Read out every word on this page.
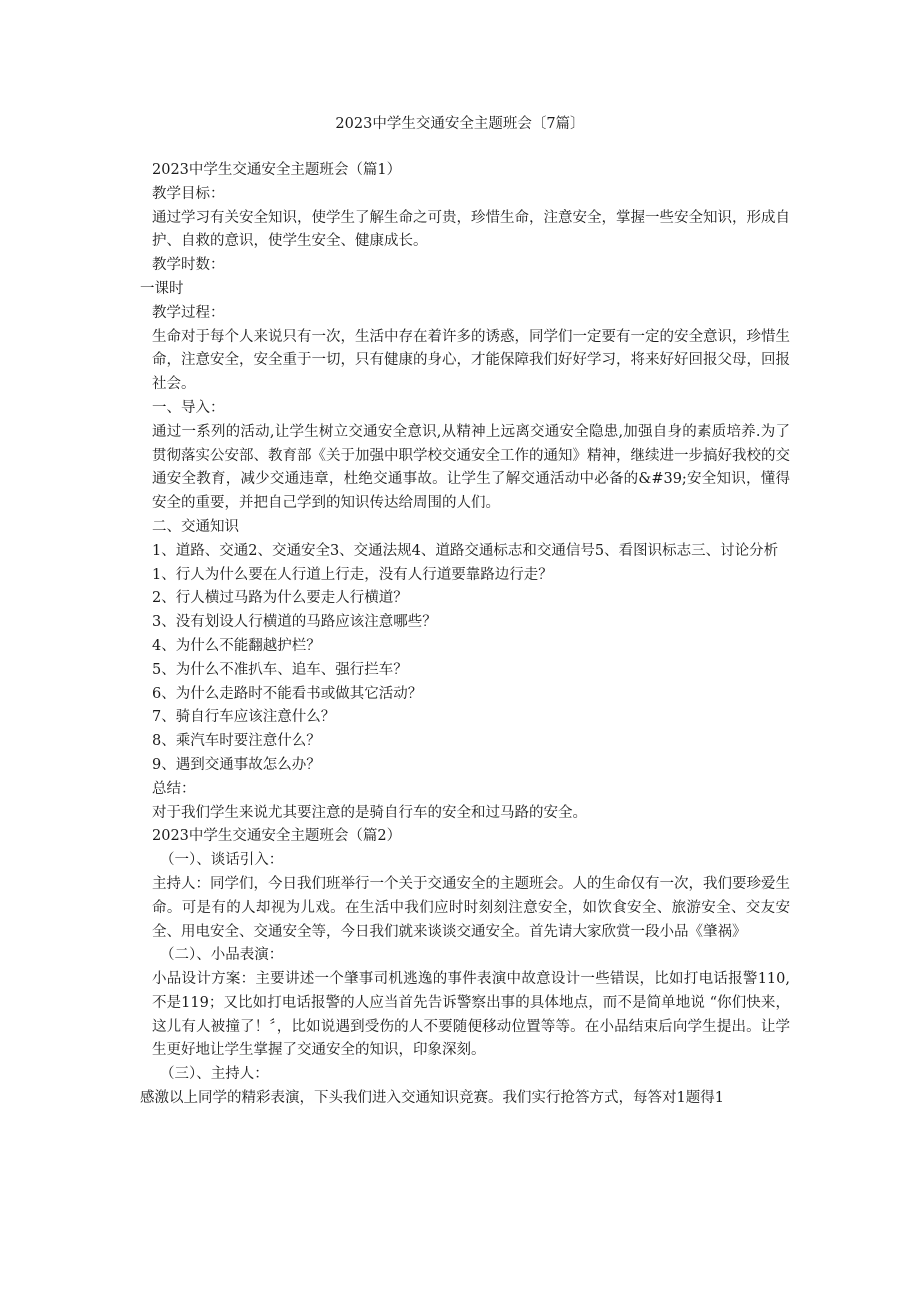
2023中学生交通安全主题班会〔7篇〕

2023中学生交通安全主题班会（篇1）

教学目标：

通过学习有关安全知识，使学生了解生命之可贵，珍惜生命，注意安全，掌握一些安全知识，形成自护、自救的意识，使学生安全、健康成长。

教学时数：

一课时

教学过程：

生命对于每个人来说只有一次，生活中存在着许多的诱惑，同学们一定要有一定的安全意识，珍惜生命，注意安全，安全重于一切，只有健康的身心，才能保障我们好好学习，将来好好回报父母，回报社会。

一、导入：

通过一系列的活动,让学生树立交通安全意识,从精神上远离交通安全隐患,加强自身的素质培养.为了贯彻落实公安部、教育部《关于加强中职学校交通安全工作的通知》精神，继续进一步搞好我校的交通安全教育，减少交通违章，杜绝交通事故。让学生了解交通活动中必备的&#39;安全知识，懂得安全的重要，并把自己学到的知识传达给周围的人们。

二、交通知识

1、道路、交通2、交通安全3、交通法规4、道路交通标志和交通信号5、看图识标志三、讨论分析

1、行人为什么要在人行道上行走，没有人行道要靠路边行走？

2、行人横过马路为什么要走人行横道？

3、没有划设人行横道的马路应该注意哪些？

4、为什么不能翻越护栏？

5、为什么不准扒车、追车、强行拦车？

6、为什么走路时不能看书或做其它活动？

7、骑自行车应该注意什么？

8、乘汽车时要注意什么？

9、遇到交通事故怎么办？

总结：

对于我们学生来说尤其要注意的是骑自行车的安全和过马路的安全。

2023中学生交通安全主题班会（篇2）

（一）、谈话引入：

主持人：同学们，今日我们班举行一个关于交通安全的主题班会。人的生命仅有一次，我们要珍爱生命。可是有的人却视为儿戏。在生活中我们应时时刻刻注意安全，如饮食安全、旅游安全、交友安全、用电安全、交通安全等，今日我们就来谈谈交通安全。首先请大家欣赏一段小品《肇祸》

（二）、小品表演：

小品设计方案：主要讲述一个肇事司机逃逸的事件表演中故意设计一些错误，比如打电话报警110,不是119；又比如打电话报警的人应当首先告诉警察出事的具体地点，而不是简单地说 “你们快来，这儿有人被撞了！〞，比如说遇到受伤的人不要随便移动位置等等。在小品结束后向学生提出。让学生更好地让学生掌握了交通安全的知识，印象深刻。

（三）、主持人：

感激以上同学的精彩表演，下头我们进入交通知识竞赛。我们实行抢答方式，每答对1题得1
